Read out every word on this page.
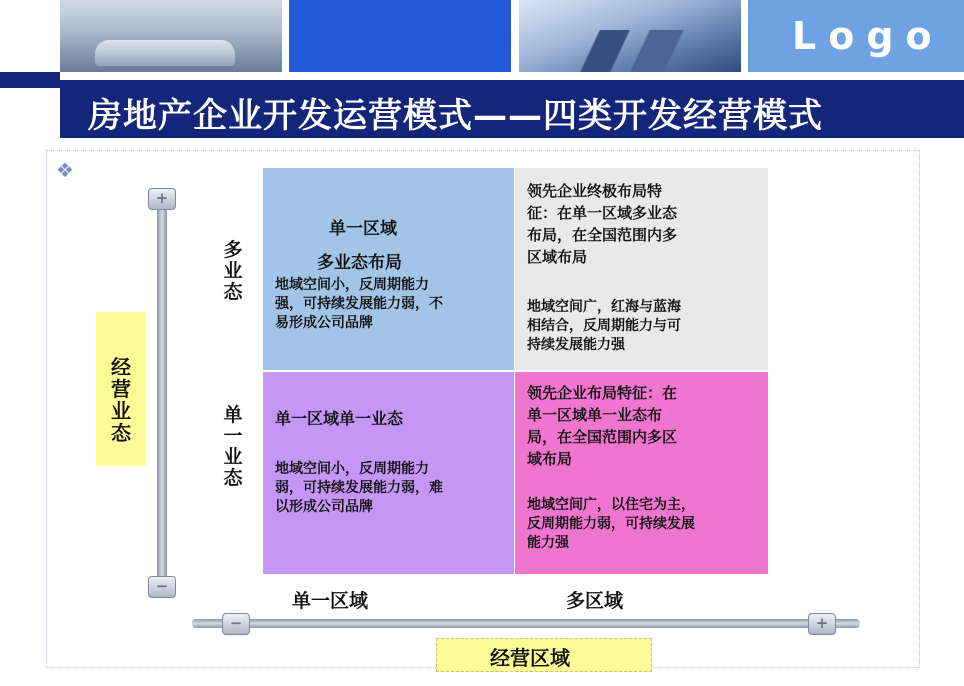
Logo
房地产企业开发运营模式——四类开发经营模式
❖
经
营
业
态
+
−
多
业
态
单
一
业
态
单一区域
多业态布局
地域空间小，反周期能力
强，可持续发展能力弱，不
易形成公司品牌
领先企业终极布局特
征：在单一区域多业态
布局，在全国范围内多
区域布局
地域空间广，红海与蓝海
相结合，反周期能力与可
持续发展能力强
单一区域单一业态
地域空间小，反周期能力
弱，可持续发展能力弱，难
以形成公司品牌
领先企业布局特征：在
单一区域单一业态布
局，在全国范围内多区
域布局
地域空间广，以住宅为主，
反周期能力弱，可持续发展
能力强
单一区域	多区域
−	+
经营区域
